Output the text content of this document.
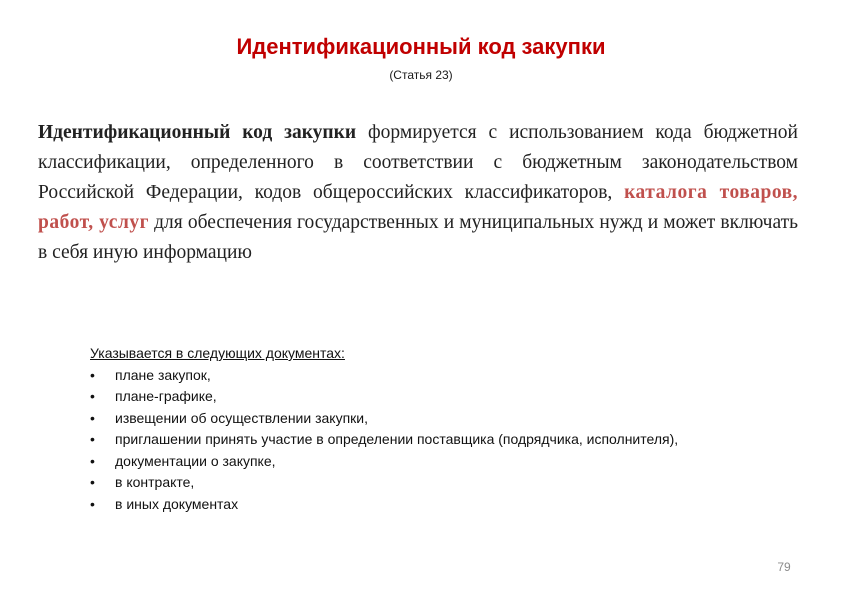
Идентификационный код закупки
(Статья 23)

Идентификационный код закупки формируется с использованием кода бюджетной классификации, определенного в соответствии с бюджетным законодательством Российской Федерации, кодов общероссийских классификаторов, каталога товаров, работ, услуг для обеспечения государственных и муниципальных нужд и может включать в себя иную информацию

Указывается в следующих документах:

• плане закупок,
• плане-графике,
• извещении об осуществлении закупки,
• приглашении принять участие в определении поставщика (подрядчика, исполнителя),
• документации о закупке,
• в контракте,
• в иных документах
79
